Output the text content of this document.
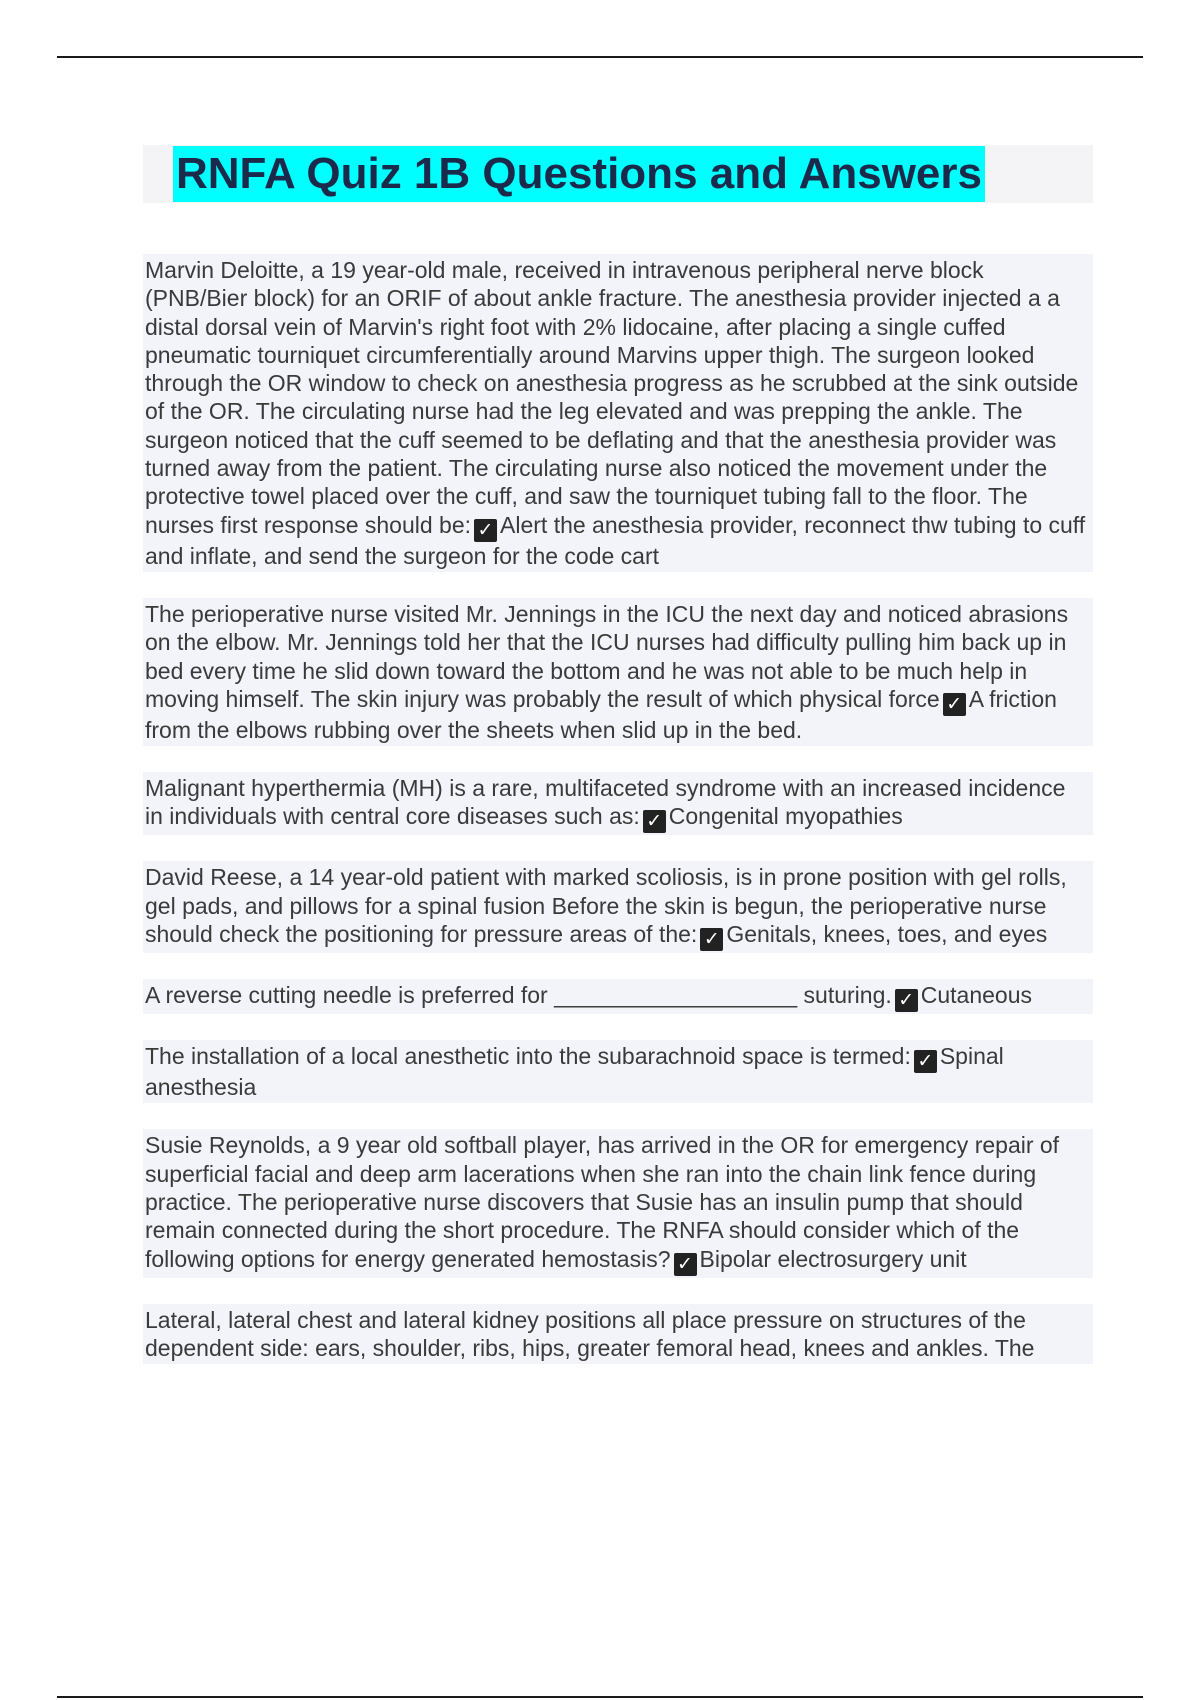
RNFA Quiz 1B Questions and Answers
Marvin Deloitte, a 19 year-old male, received in intravenous peripheral nerve block (PNB/Bier block) for an ORIF of about ankle fracture. The anesthesia provider injected a a distal dorsal vein of Marvin's right foot with 2% lidocaine, after placing a single cuffed pneumatic tourniquet circumferentially around Marvins upper thigh. The surgeon looked through the OR window to check on anesthesia progress as he scrubbed at the sink outside of the OR. The circulating nurse had the leg elevated and was prepping the ankle. The surgeon noticed that the cuff seemed to be deflating and that the anesthesia provider was turned away from the patient. The circulating nurse also noticed the movement under the protective towel placed over the cuff, and saw the tourniquet tubing fall to the floor. The nurses first response should be: ✓ Alert the anesthesia provider, reconnect thw tubing to cuff and inflate, and send the surgeon for the code cart
The perioperative nurse visited Mr. Jennings in the ICU the next day and noticed abrasions on the elbow. Mr. Jennings told her that the ICU nurses had difficulty pulling him back up in bed every time he slid down toward the bottom and he was not able to be much help in moving himself. The skin injury was probably the result of which physical force ✓ A friction from the elbows rubbing over the sheets when slid up in the bed.
Malignant hyperthermia (MH) is a rare, multifaceted syndrome with an increased incidence in individuals with central core diseases such as: ✓ Congenital myopathies
David Reese, a 14 year-old patient with marked scoliosis, is in prone position with gel rolls, gel pads, and pillows for a spinal fusion Before the skin is begun, the perioperative nurse should check the positioning for pressure areas of the: ✓ Genitals, knees, toes, and eyes
A reverse cutting needle is preferred for ___________________ suturing. ✓ Cutaneous
The installation of a local anesthetic into the subarachnoid space is termed: ✓ Spinal anesthesia
Susie Reynolds, a 9 year old softball player, has arrived in the OR for emergency repair of superficial facial and deep arm lacerations when she ran into the chain link fence during practice. The perioperative nurse discovers that Susie has an insulin pump that should remain connected during the short procedure. The RNFA should consider which of the following options for energy generated hemostasis? ✓ Bipolar electrosurgery unit
Lateral, lateral chest and lateral kidney positions all place pressure on structures of the dependent side: ears, shoulder, ribs, hips, greater femoral head, knees and ankles. The
